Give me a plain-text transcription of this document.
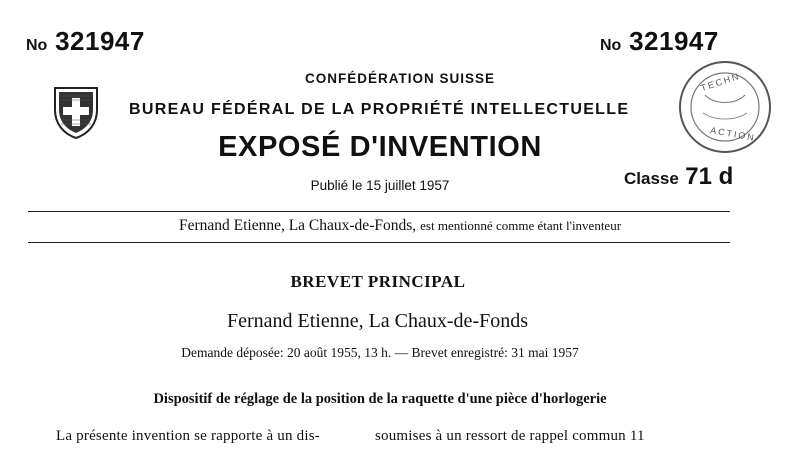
No 321947	No 321947
CONFÉDÉRATION SUISSE
BUREAU FÉDÉRAL DE LA PROPRIÉTÉ INTELLECTUELLE
EXPOSÉ D'INVENTION
Publié le 15 juillet 1957	Classe 71 d
TECHN
ACTION
Fernand Etienne, La Chaux-de-Fonds, est mentionné comme étant l'inventeur
BREVET PRINCIPAL
Fernand Etienne, La Chaux-de-Fonds
Demande déposée: 20 août 1955, 13 h. — Brevet enregistré: 31 mai 1957
Dispositif de réglage de la position de la raquette d'une pièce d'horlogerie
La présente invention se rapporte à un dis-	soumises à un ressort de rappel commun 11
